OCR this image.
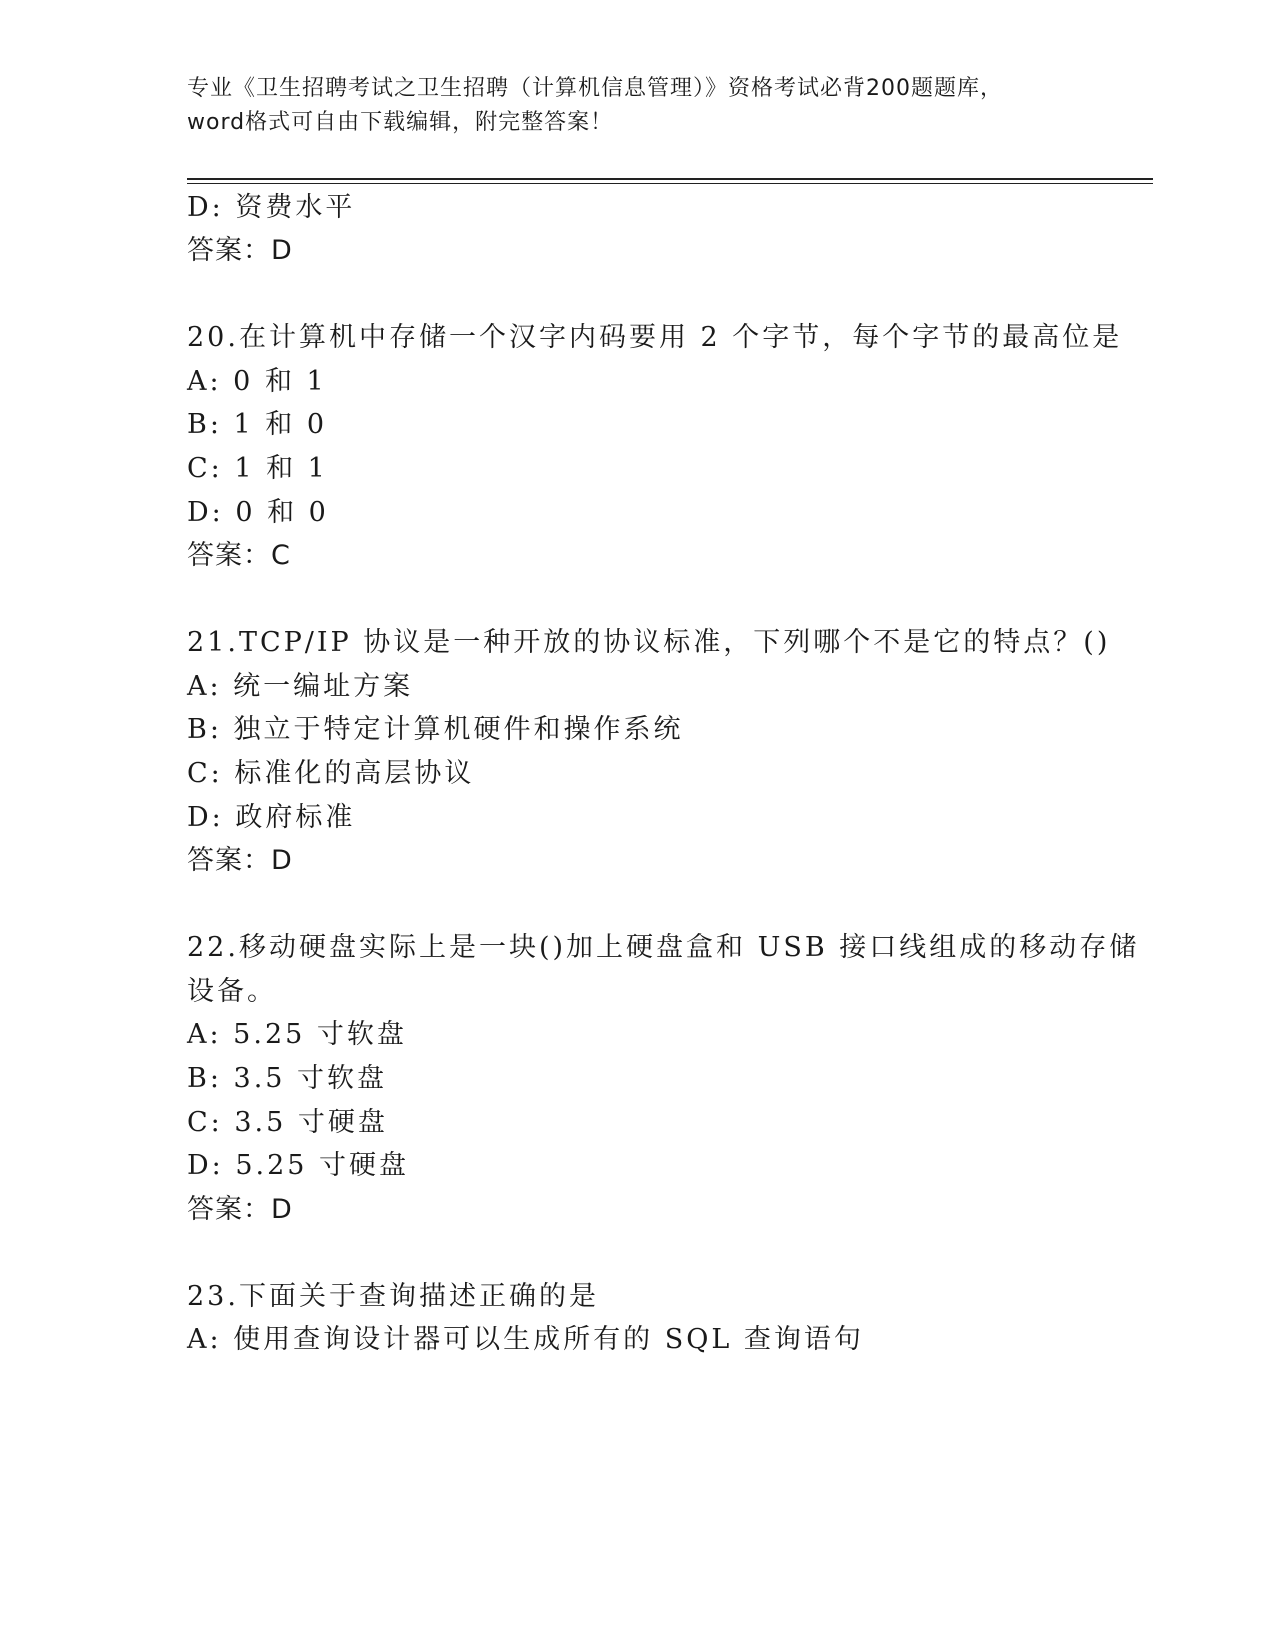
专业《卫生招聘考试之卫生招聘（计算机信息管理）》资格考试必背200题题库，
word格式可自由下载编辑，附完整答案！
D: 资费水平
答案：D
20.在计算机中存储一个汉字内码要用 2 个字节，每个字节的最高位是
A: 0 和 1
B: 1 和 0
C: 1 和 1
D: 0 和 0
答案：C
21.TCP/IP 协议是一种开放的协议标准，下列哪个不是它的特点？()
A: 统一编址方案
B: 独立于特定计算机硬件和操作系统
C: 标准化的高层协议
D: 政府标准
答案：D
22.移动硬盘实际上是一块()加上硬盘盒和 USB 接口线组成的移动存储
设备。
A: 5.25 寸软盘
B: 3.5 寸软盘
C: 3.5 寸硬盘
D: 5.25 寸硬盘
答案：D
23.下面关于查询描述正确的是
A: 使用查询设计器可以生成所有的 SQL 查询语句
